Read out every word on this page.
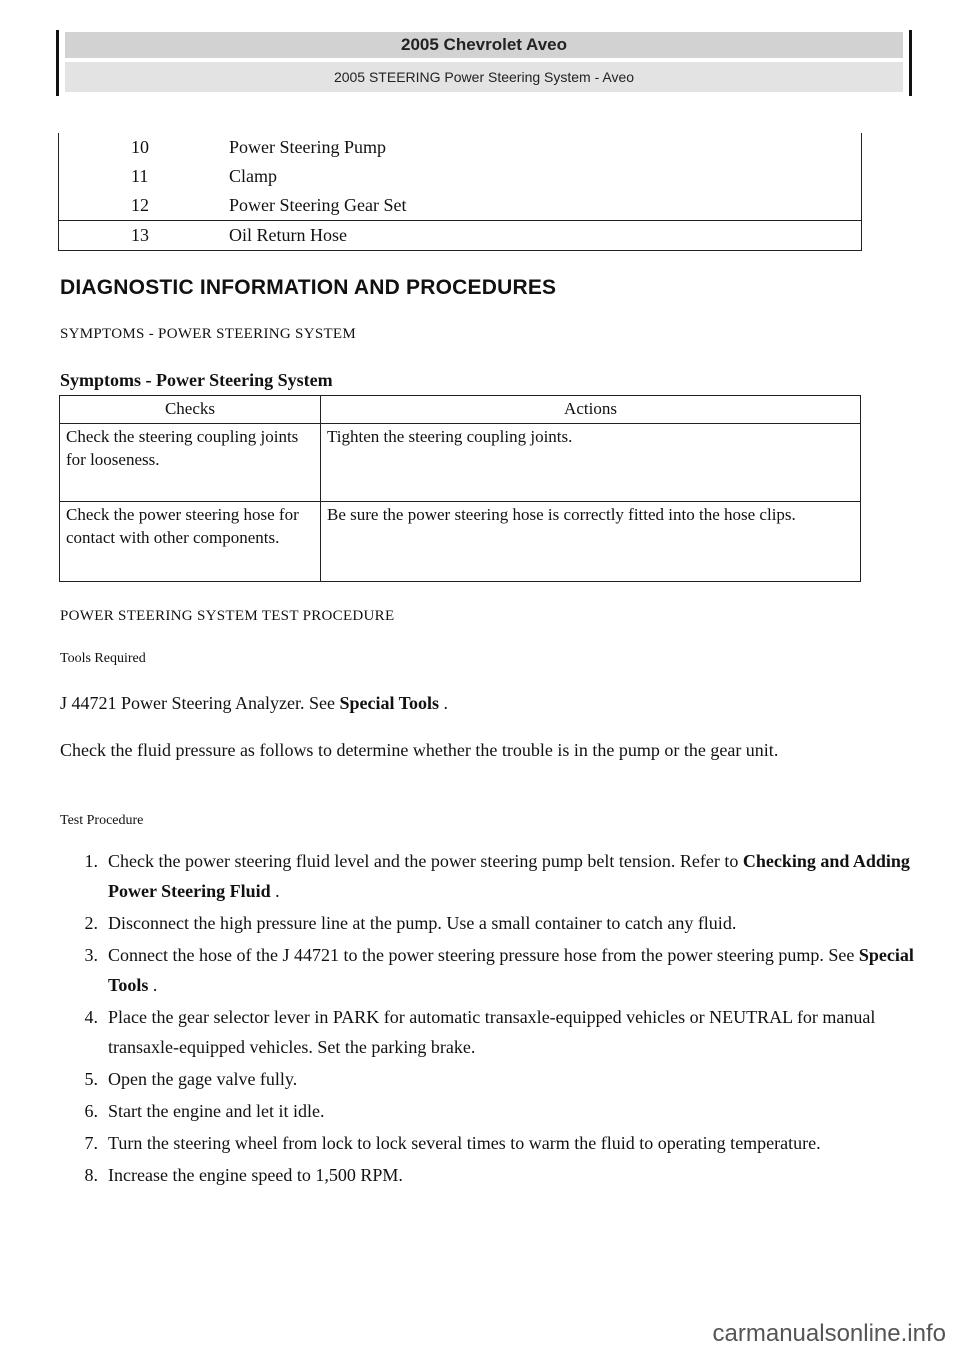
2005 Chevrolet Aveo
2005 STEERING Power Steering System - Aveo
10	Power Steering Pump
11	Clamp
12	Power Steering Gear Set
13	Oil Return Hose
DIAGNOSTIC INFORMATION AND PROCEDURES
SYMPTOMS - POWER STEERING SYSTEM
Symptoms - Power Steering System
Checks	Actions
Check the steering coupling joints for looseness.	Tighten the steering coupling joints.
Check the power steering hose for contact with other components.	Be sure the power steering hose is correctly fitted into the hose clips.
POWER STEERING SYSTEM TEST PROCEDURE
Tools Required
J 44721 Power Steering Analyzer. See Special Tools .
Check the fluid pressure as follows to determine whether the trouble is in the pump or the gear unit.
Test Procedure
1. Check the power steering fluid level and the power steering pump belt tension. Refer to Checking and Adding Power Steering Fluid .
2. Disconnect the high pressure line at the pump. Use a small container to catch any fluid.
3. Connect the hose of the J 44721 to the power steering pressure hose from the power steering pump. See Special Tools .
4. Place the gear selector lever in PARK for automatic transaxle-equipped vehicles or NEUTRAL for manual transaxle-equipped vehicles. Set the parking brake.
5. Open the gage valve fully.
6. Start the engine and let it idle.
7. Turn the steering wheel from lock to lock several times to warm the fluid to operating temperature.
8. Increase the engine speed to 1,500 RPM.
carmanualsonline.info
